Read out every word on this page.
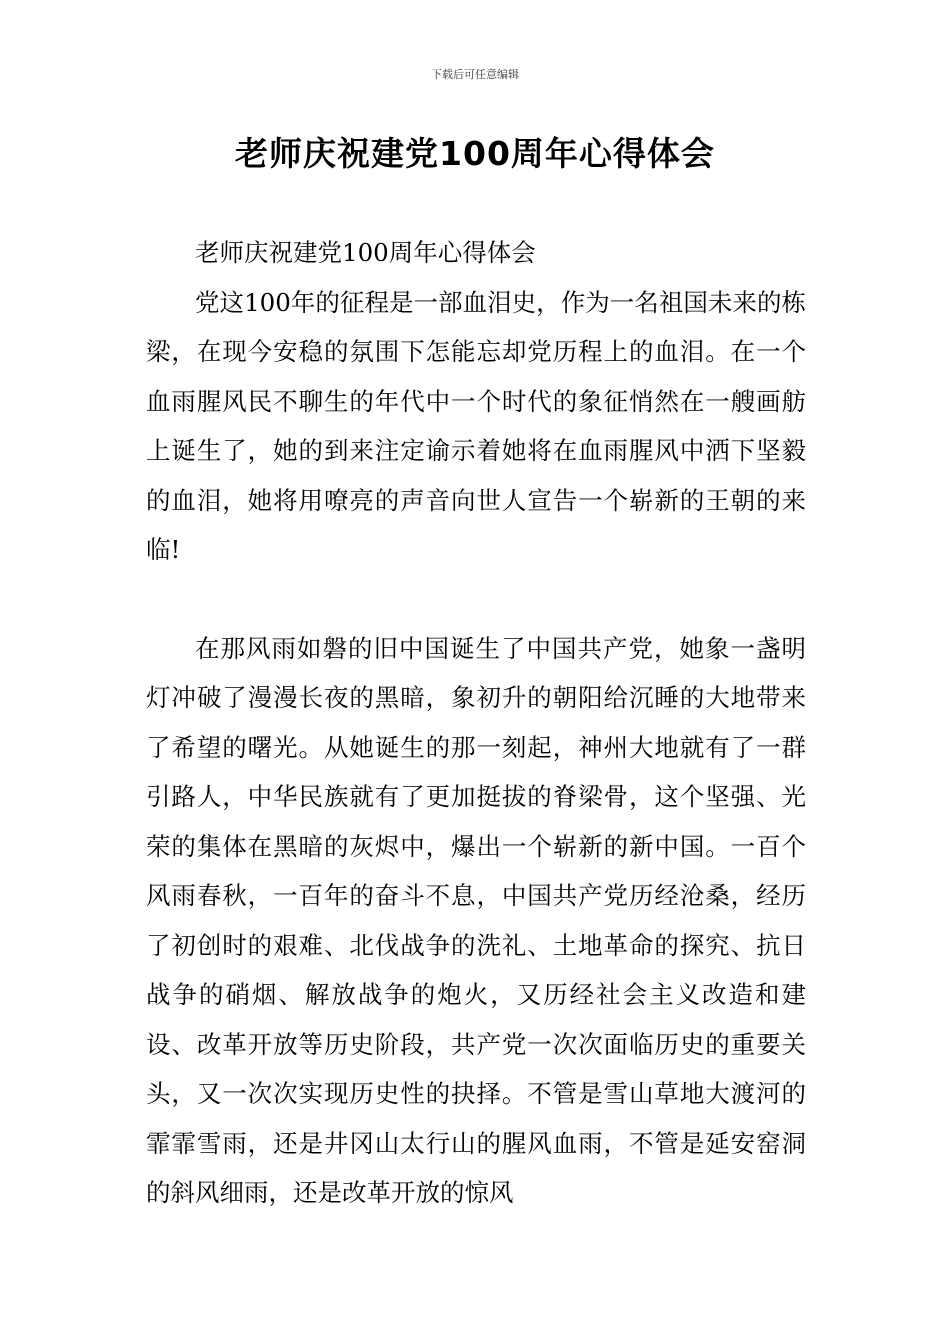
下载后可任意编辑
老师庆祝建党100周年心得体会

老师庆祝建党100周年心得体会

党这100年的征程是一部血泪史，作为一名祖国未来的栋梁，在现今安稳的氛围下怎能忘却党历程上的血泪。在一个血雨腥风民不聊生的年代中一个时代的象征悄然在一艘画舫上诞生了，她的到来注定谕示着她将在血雨腥风中洒下坚毅的血泪，她将用嘹亮的声音向世人宣告一个崭新的王朝的来临!

在那风雨如磐的旧中国诞生了中国共产党，她象一盏明灯冲破了漫漫长夜的黑暗，象初升的朝阳给沉睡的大地带来了希望的曙光。从她诞生的那一刻起，神州大地就有了一群引路人，中华民族就有了更加挺拔的脊梁骨，这个坚强、光荣的集体在黑暗的灰烬中，爆出一个崭新的新中国。一百个风雨春秋，一百年的奋斗不息，中国共产党历经沧桑，经历了初创时的艰难、北伐战争的洗礼、土地革命的探究、抗日战争的硝烟、解放战争的炮火，又历经社会主义改造和建设、改革开放等历史阶段，共产党一次次面临历史的重要关头，又一次次实现历史性的抉择。不管是雪山草地大渡河的霏霏雪雨，还是井冈山太行山的腥风血雨，不管是延安窑洞的斜风细雨，还是改革开放的惊风
